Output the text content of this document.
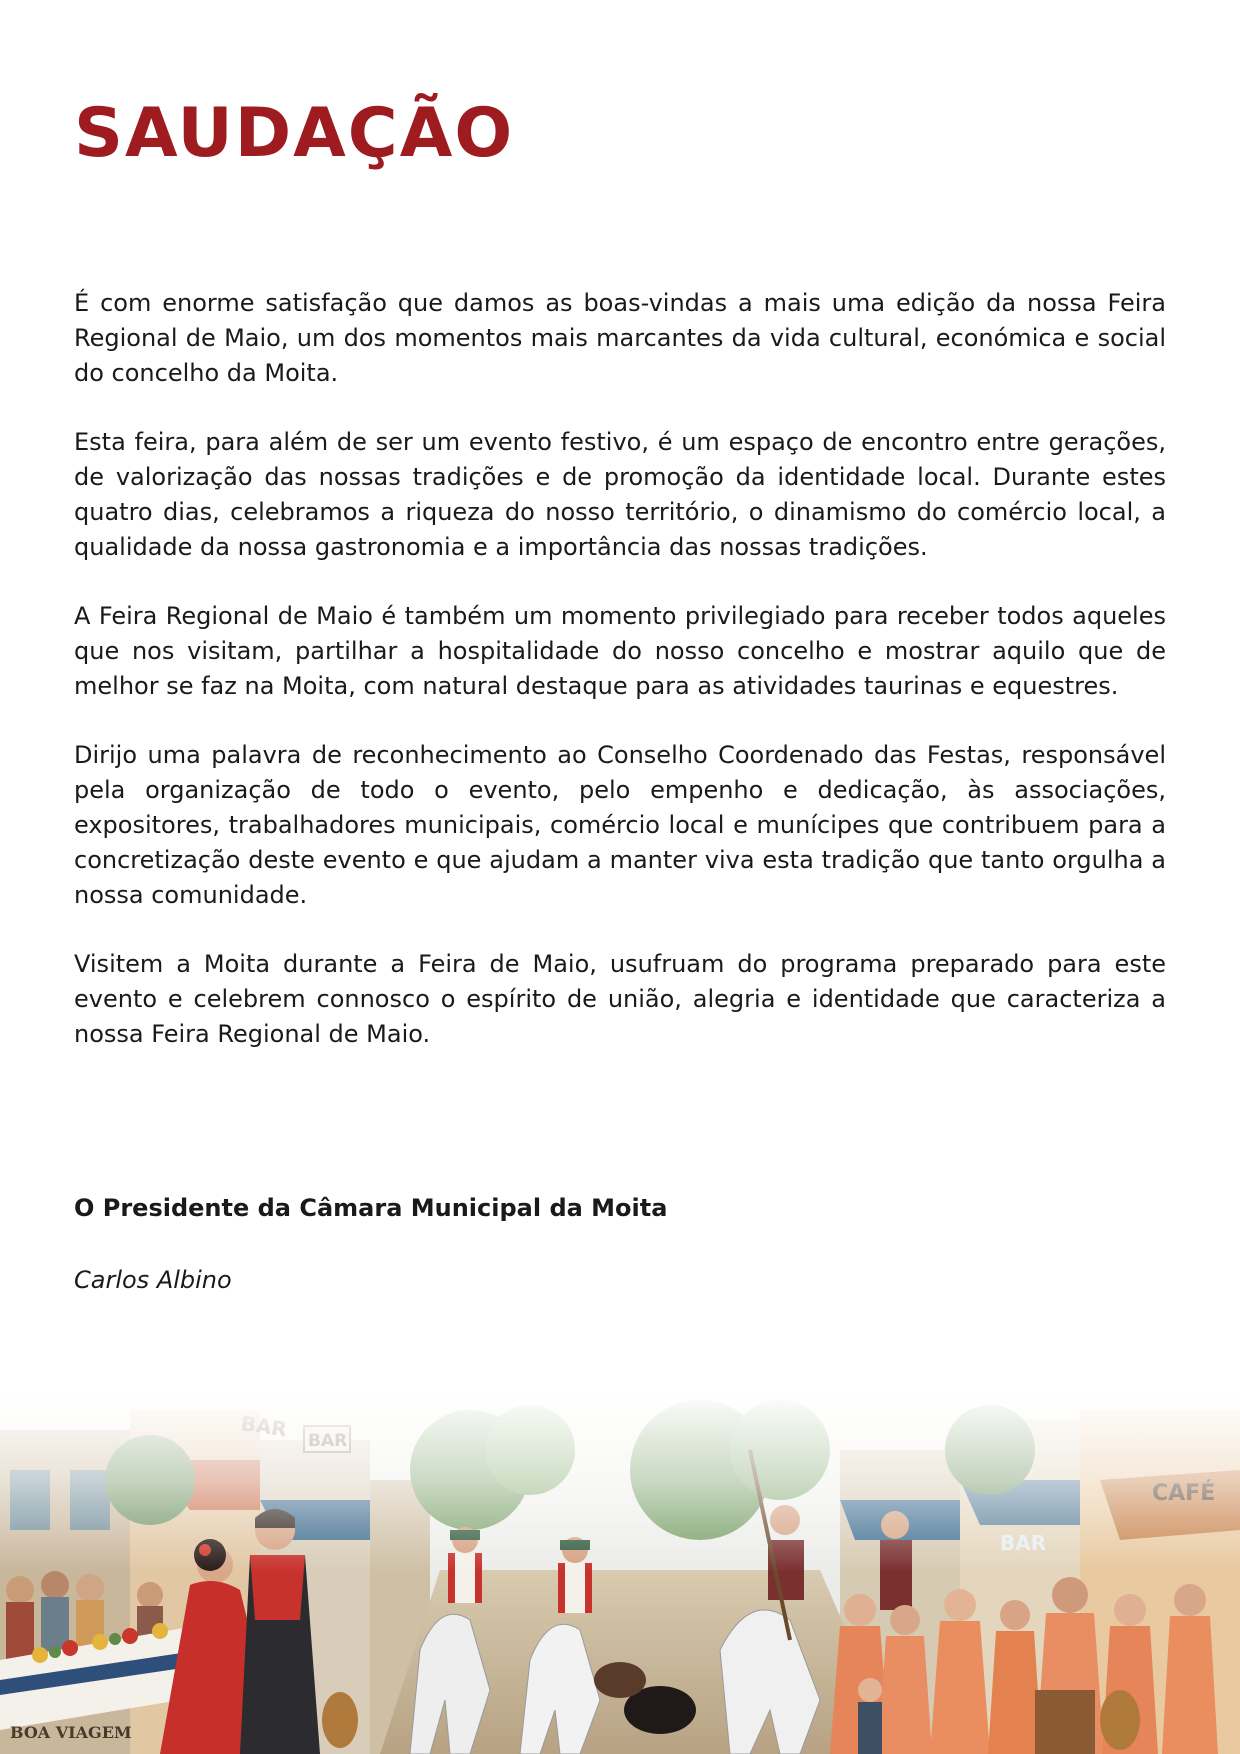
SAUDAÇÃO

É com enorme satisfação que damos as boas-vindas a mais uma edição da nossa Feira Regional de Maio, um dos momentos mais marcantes da vida cultural, económica e social do concelho da Moita.

Esta feira, para além de ser um evento festivo, é um espaço de encontro entre gerações, de valorização das nossas tradições e de promoção da identidade local. Durante estes quatro dias, celebramos a riqueza do nosso território, o dinamismo do comércio local, a qualidade da nossa gastronomia e a importância das nossas tradições.

A Feira Regional de Maio é também um momento privilegiado para receber todos aqueles que nos visitam, partilhar a hospitalidade do nosso concelho e mostrar aquilo que de melhor se faz na Moita, com natural destaque para as atividades taurinas e equestres.

Dirijo uma palavra de reconhecimento ao Conselho Coordenado das Festas, responsável pela organização de todo o evento, pelo empenho e dedicação, às associações, expositores, trabalhadores municipais, comércio local e munícipes que contribuem para a concretização deste evento e que ajudam a manter viva esta tradição que tanto orgulha a nossa comunidade.

Visitem a Moita durante a Feira de Maio, usufruam do programa preparado para este evento e celebrem connosco o espírito de união, alegria e identidade que caracteriza a nossa Feira Regional de Maio.

O Presidente da Câmara Municipal da Moita

Carlos Albino
